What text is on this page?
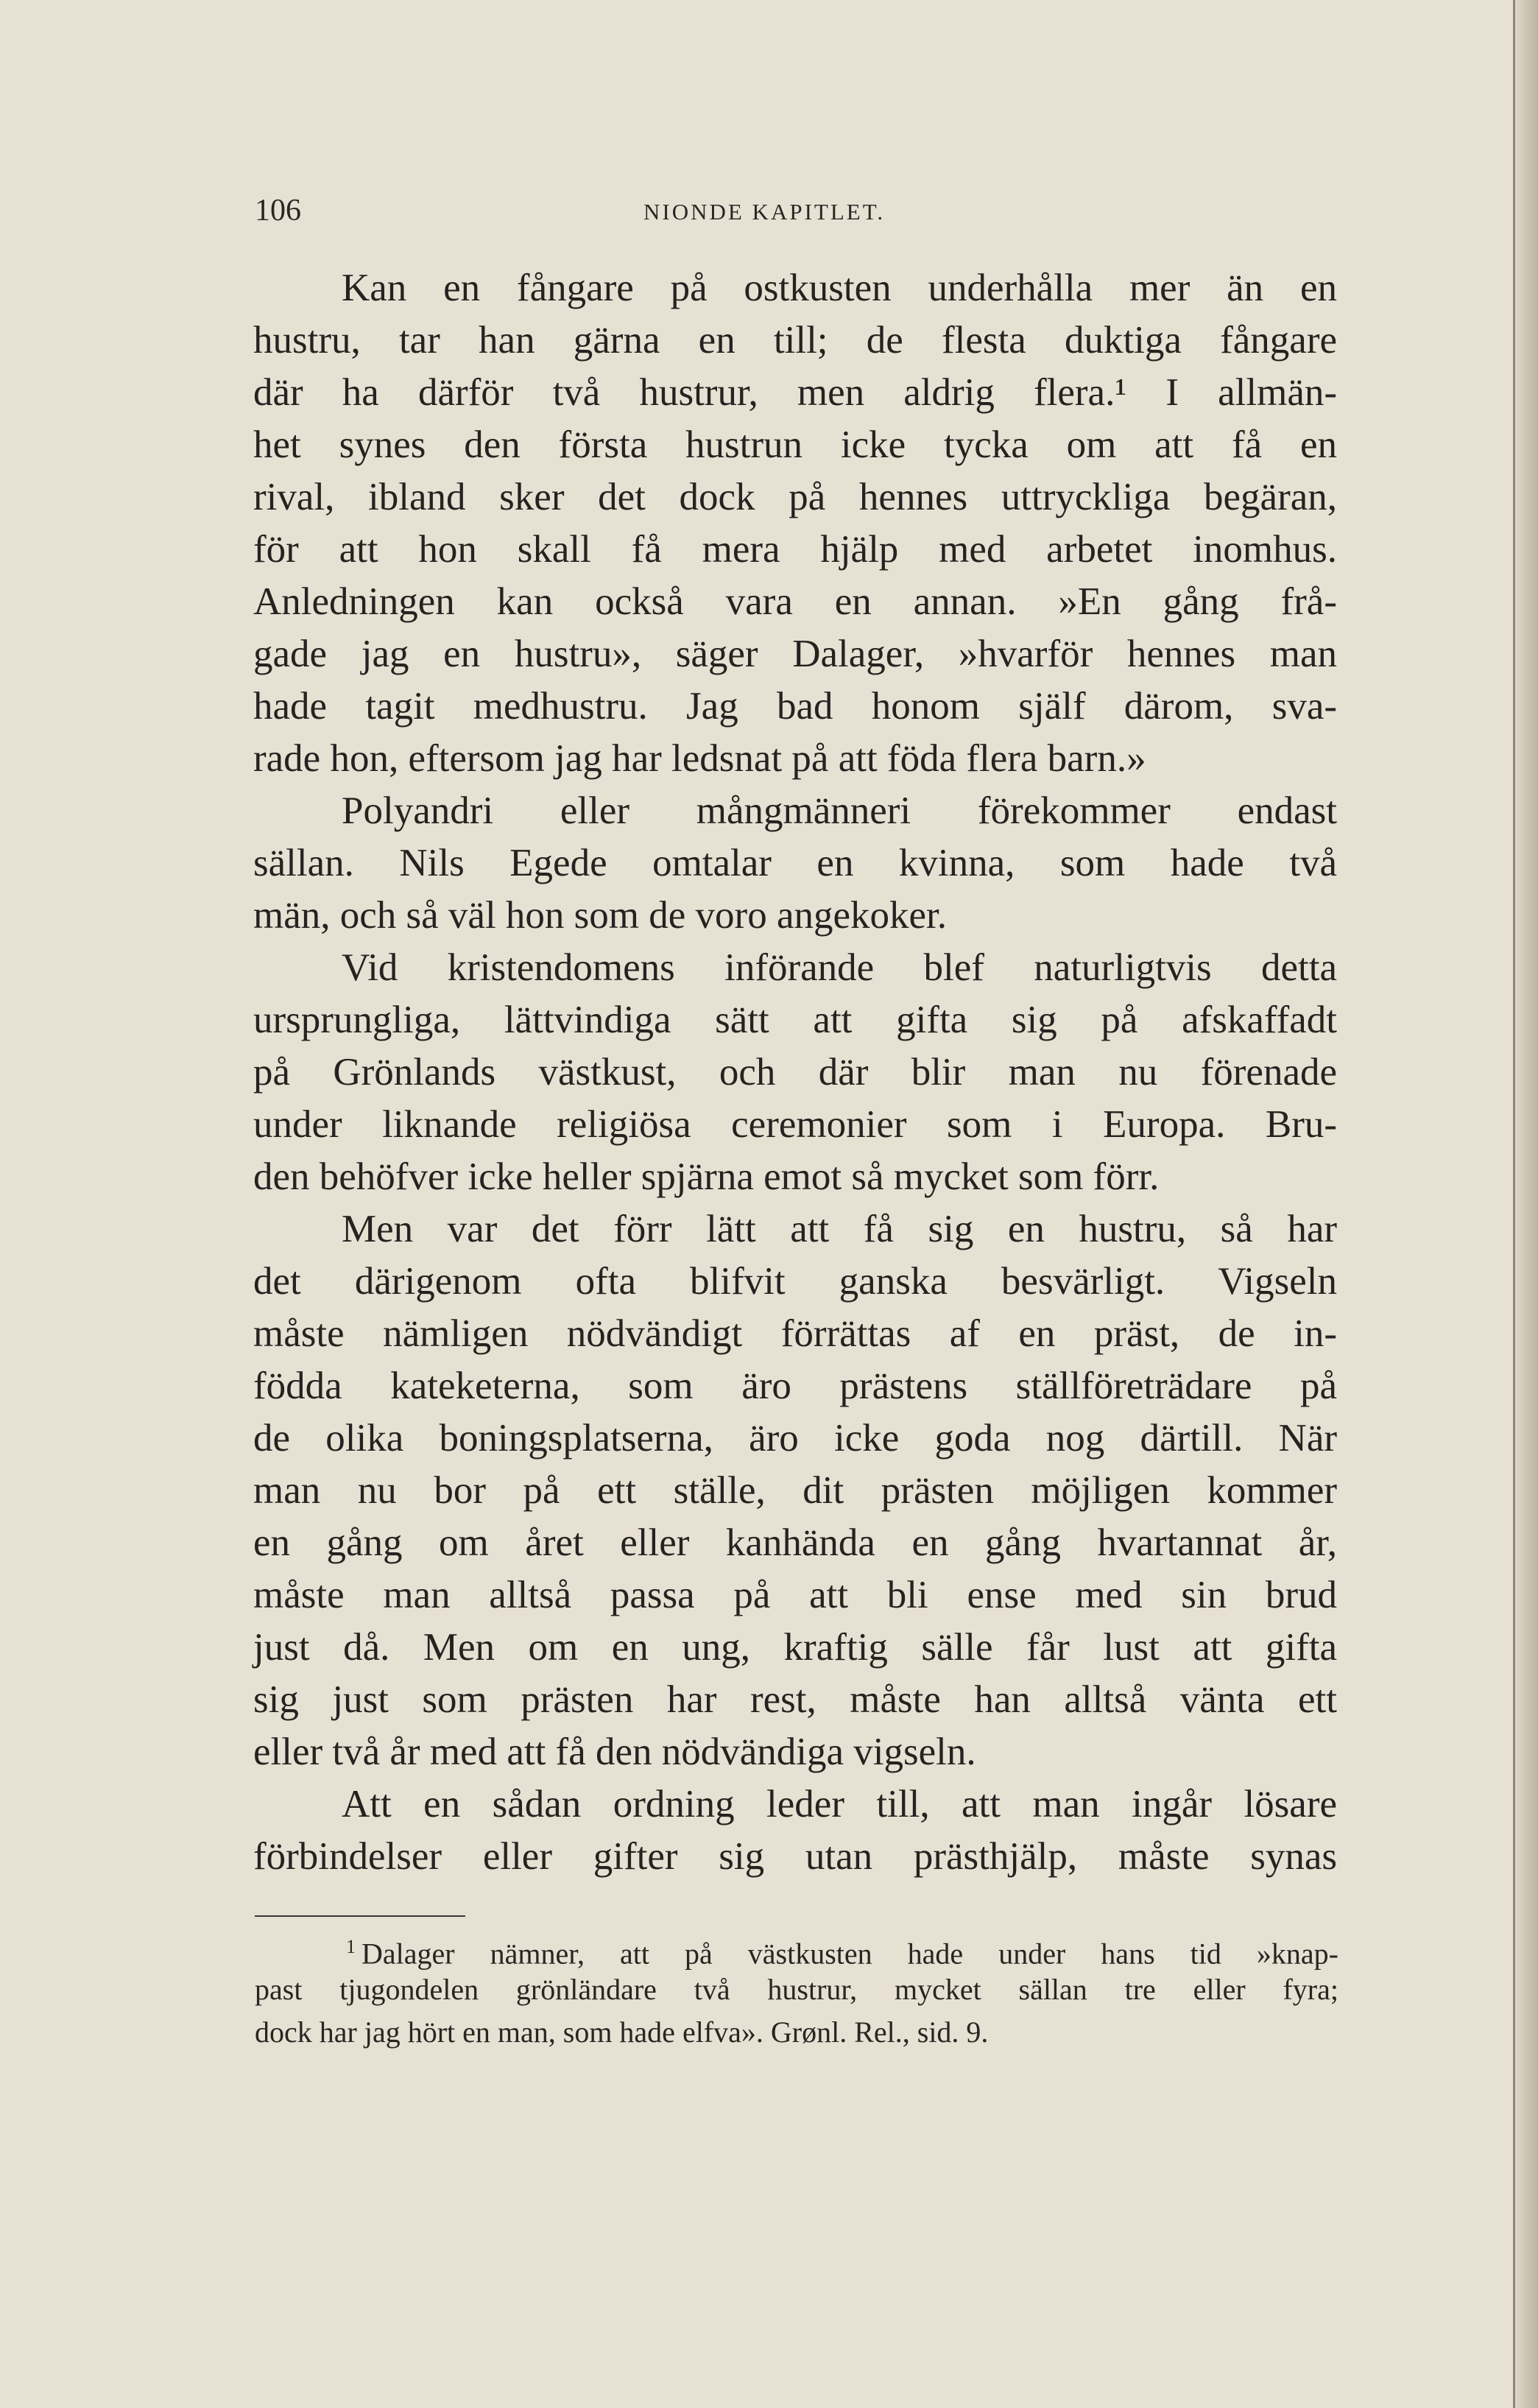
106	NIONDE KAPITLET.
Kan en fångare på ostkusten underhålla mer än en
hustru, tar han gärna en till; de flesta duktiga fångare
där ha därför två hustrur, men aldrig flera.¹ I allmän-
het synes den första hustrun icke tycka om att få en
rival, ibland sker det dock på hennes uttryckliga begäran,
för att hon skall få mera hjälp med arbetet inomhus.
Anledningen kan också vara en annan. »En gång frå-
gade jag en hustru», säger Dalager, »hvarför hennes man
hade tagit medhustru. Jag bad honom själf därom, sva-
rade hon, eftersom jag har ledsnat på att föda flera barn.»
Polyandri eller mångmänneri förekommer endast
sällan. Nils Egede omtalar en kvinna, som hade två
män, och så väl hon som de voro angekoker.
Vid kristendomens införande blef naturligtvis detta
ursprungliga, lättvindiga sätt att gifta sig på afskaffadt
på Grönlands västkust, och där blir man nu förenade
under liknande religiösa ceremonier som i Europa. Bru-
den behöfver icke heller spjärna emot så mycket som förr.
Men var det förr lätt att få sig en hustru, så har
det därigenom ofta blifvit ganska besvärligt. Vigseln
måste nämligen nödvändigt förrättas af en präst, de in-
födda kateketerna, som äro prästens ställföreträdare på
de olika boningsplatserna, äro icke goda nog därtill. När
man nu bor på ett ställe, dit prästen möjligen kommer
en gång om året eller kanhända en gång hvartannat år,
måste man alltså passa på att bli ense med sin brud
just då. Men om en ung, kraftig sälle får lust att gifta
sig just som prästen har rest, måste han alltså vänta ett
eller två år med att få den nödvändiga vigseln.
Att en sådan ordning leder till, att man ingår lösare
förbindelser eller gifter sig utan prästhjälp, måste synas
1 Dalager nämner, att på västkusten hade under hans tid »knap-
past tjugondelen grönländare två hustrur, mycket sällan tre eller fyra;
dock har jag hört en man, som hade elfva». Grønl. Rel., sid. 9.
